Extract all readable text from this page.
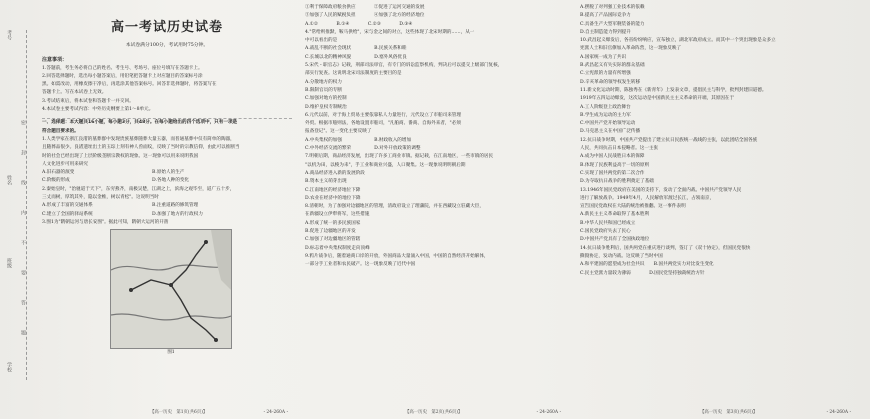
考号
姓名
班级
学校
密
封
线
内
不
要
答
题
高一考试历史试卷
本试卷满分100分，考试用时75分钟。

注意事项：

1.答题前，考生务必将自己的姓名、考生号、考场号、座位号填写在答题卡上。

2.回答选择题时，选出每小题答案后，用铅笔把答题卡上对应题目的答案标号涂

黑。如需改动，用橡皮擦干净后，再选涂其他答案标号。回答非选择题时，将答案写在

答题卡上。写在本试卷上无效。

3.考试结束后，将本试卷和答题卡一并交回。

4.本试卷主要考试内容：中外历史纲要上第1～8单元。

一、选择题：本大题共16小题，每小题3分，共48分。在每小题给出的四个选项中，只有一项是

符合题目要求的。

1.人类学家在浙江良渚的墓葬群中发现贵族墓葬随葬大量玉器，而普通墓葬中仅有简单的陶器，

且随葬品很少。良渚遗址出土的玉琮上刻有神人兽面纹，反映了当时的宗教信仰，由此可以推断当

时的社会已经出现了上层阶级垄断宗教权的现象。这一现象可以用来说明我国

人文化进步可用来研究

A.旧石器的演变	B.原始人的生产

C.阶级的形成	D.各地人种的变化

2.秦始皇时，"治驰道于天下"，东穷燕齐，南极吴楚，江湖之上，滨海之观毕至，道广五十步，

三丈而树，厚筑其外，隐以金椎，树以青松"。这说明当时

A.形成了丰富的交通体系	B.注重道路的修筑管理

C.建立了全国的驿站系统	D.加强了地方的行政权力

3.图1为"隋朝运河与唐长安图"。据此可知，隋朝大运河的开凿

图1

①利于保障政府粮食供应　　　　②促进了运河交通的发展

③加强了人民的赋税负担　　　　④加强了北方的经济地位

A.①②　　　　B.①④　　　　C.②③　　　　D.③④

4."常给则推黩，鞍马供给"，宋与金之间的对立，这些体现了北宋时期的……，从一

中可以看出的是

A.战乱不断的社会现状　　　　　B.民族关系和睦

C.长城以北的精神风貌　　　　　D.塞外风俗优良

5.宋代・职官志》记载，刑部司法审官，有专门的诉讼监察机构，判决后可以提交上级部门复核，

部实行复查。这说明北宋司法制度的主要目的是

A.分散地方的权力

B.限制官员的专断

C.加强对地方的控制

D.维护皇权专制统治

6.元代以前，对于海上贸易主要依靠私人力量进行，元代设立了市舶司来管理

外贸。根据市舶则法，各地设置市舶司，"凡舶商、番商、自海外来者，"必须

报备登记"。这一变化主要反映了

A.中央集权的加强　　　　　　　B.财政收入的增加

C.中外经济交流的繁荣　　　　　D.对外开放政策的调整

7.明朝后期，商品经济发展，出现了许多工商业市镇。据记载，在江南地区，一些市镇的居民

"以机为田，以梭为耒"，手工业和商业兴盛，人口聚集。这一现象说明明朝后期

A.商品经济进入新的发展阶段

B.资本主义萌芽出现

C.江南地区的经济地位下降

D.农业在经济中的地位下降

8.清朝时，为了加强对边疆地区的管理，清政府设立了理藩院，并在西藏设立驻藏大臣，

在新疆设立伊犁将军，这些措施

A.形成了统一的多民族国家

B.促进了边疆地区的开发

C.加强了对边疆地区的管辖

D.标志着中央集权制度走向顶峰

9.鸦片战争后，随着通商口岸的开放，外国商品大量涌入中国，中国的自然经济开始解体，

一部分手工业者和农民破产。这一现象反映了近代中国

A.摆脱了对列强工业技术的依赖

B.提高了产品国际竞争力

C.具备生产大型军舰装备的能力

D.自主制造能力得到提升

10.武昌起义爆发后，各省纷纷响应，宣布独立，湖北军政府成立。而其中一个突出现象是众多立

宪派人士和旧官僚加入革命阵营，这一现象反映了

A.国家统一成为了共识

B.武昌起义有失实际的群众基础

C.立宪派的力量有所增强

D.辛亥革命的领导权发生转移

11.新文化运动时期，陈独秀在《新青年》上发表文章，提倡民主与科学，批判封建旧道德。

1919年五四运动爆发，这次运动是中国新民主主义革命的开端，其原因在于

A.工人阶级登上政治舞台

B.学生成为运动的主力军

C.中国共产党开始领导运动

D.马克思主义在中国广泛传播

12.抗日战争时期，中国共产党提出了建立抗日民族统一战线的主张，以此团结全国各族

人民，共同抗击日本侵略者。这一主张

A.成为中国人民战胜日本的保障

B.体现了民族利益高于一切的原则

C.实现了国共两党的第二次合作

D.为夺取抗日战争的胜利奠定了基础

13.1946年国民党政府在美国的支持下，发动了全面内战。中国共产党领导人民

进行了解放战争。1949年4月，人民解放军渡过长江，占领南京，

宣告国民党政权在大陆的统治被推翻。这一事件表明

A.新民主主义革命取得了基本胜利

B.中华人民共和国已经成立

C.国民党政府失去了民心

D.中国共产党具有了全国执政地位

14.抗日战争胜利后，国共两党在重庆进行谈判，签订了《双十协定》，但国民党很快

撕毁协定，发动内战。这反映了当时中国

A.和平建国的愿望成为社会共识　　B.国共两党实力对比发生变化

C.民主党派力量较为薄弱　　　　D.国民党坚持独裁统治方针

【高一历史　第1页(共6页)】	・24-260A・	【高一历史　第2页(共6页)】	・24-260A・	【高一历史　第3页(共6页)】	・24-260A・
